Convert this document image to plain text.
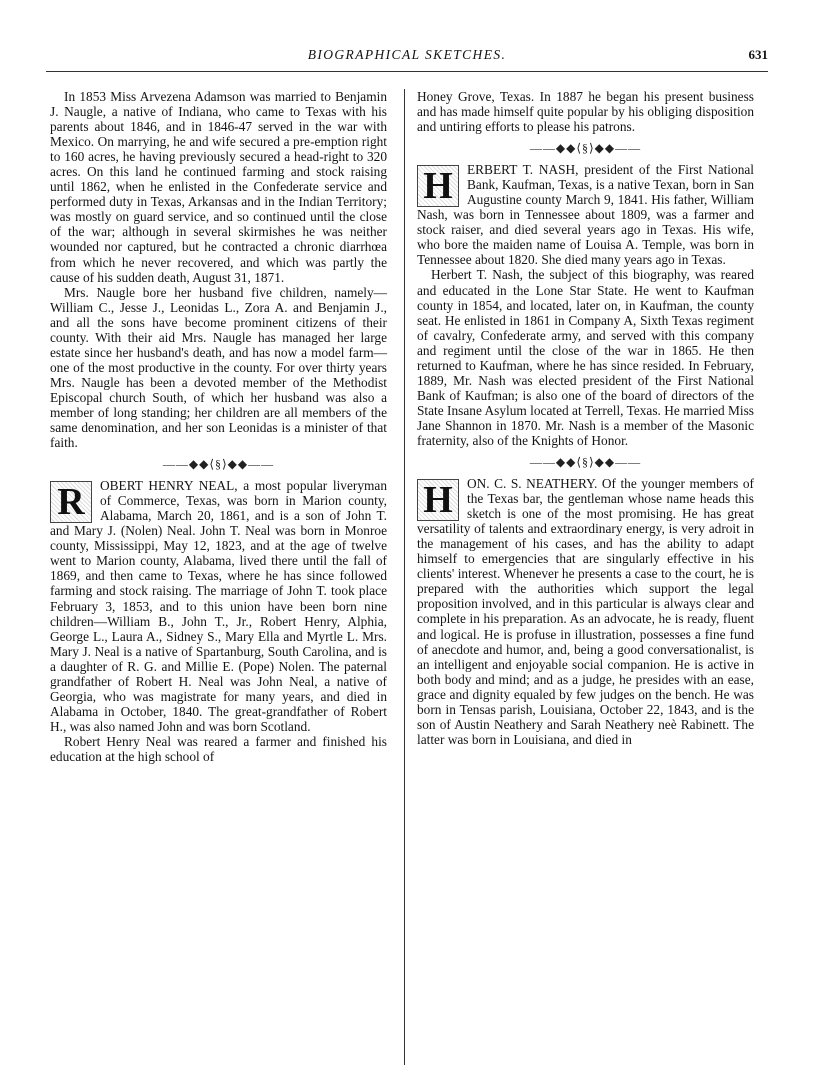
BIOGRAPHICAL SKETCHES.	631

In 1853 Miss Arvezena Adamson was married to Benjamin J. Naugle, a native of Indiana, who came to Texas with his parents about 1846, and in 1846-47 served in the war with Mexico. On marrying, he and wife secured a pre-emption right to 160 acres, he having previously secured a head-right to 320 acres. On this land he continued farming and stock raising until 1862, when he enlisted in the Confederate service and performed duty in Texas, Arkansas and in the Indian Territory; was mostly on guard service, and so continued until the close of the war; although in several skirmishes he was neither wounded nor captured, but he contracted a chronic diarrhœa from which he never recovered, and which was partly the cause of his sudden death, August 31, 1871.

Mrs. Naugle bore her husband five children, namely—William C., Jesse J., Leonidas L., Zora A. and Benjamin J., and all the sons have become prominent citizens of their county. With their aid Mrs. Naugle has managed her large estate since her husband's death, and has now a model farm—one of the most productive in the county. For over thirty years Mrs. Naugle has been a devoted member of the Methodist Episcopal church South, of which her husband was also a member of long standing; her children are all members of the same denomination, and her son Leonidas is a minister of that faith.

——◆◆⟨§⟩◆◆——

R	OBERT HENRY NEAL, a most popular liveryman of Commerce, Texas, was born in Marion county, Alabama, March 20, 1861, and is a son of John T. and Mary J. (Nolen) Neal. John T. Neal was born in Monroe county, Mississippi, May 12, 1823, and at the age of twelve went to Marion county, Alabama, lived there until the fall of 1869, and then came to Texas, where he has since followed farming and stock raising. The marriage of John T. took place February 3, 1853, and to this union have been born nine children—William B., John T., Jr., Robert Henry, Alphia, George L., Laura A., Sidney S., Mary Ella and Myrtle L. Mrs. Mary J. Neal is a native of Spartanburg, South Carolina, and is a daughter of R. G. and Millie E. (Pope) Nolen. The paternal grandfather of Robert H. Neal was John Neal, a native of Georgia, who was magistrate for many years, and died in Alabama in October, 1840. The great-grandfather of Robert H., was also named John and was born Scotland.

Robert Henry Neal was reared a farmer and finished his education at the high school of

Honey Grove, Texas. In 1887 he began his present business and has made himself quite popular by his obliging disposition and untiring efforts to please his patrons.

——◆◆⟨§⟩◆◆——

H	ERBERT T. NASH, president of the First National Bank, Kaufman, Texas, is a native Texan, born in San Augustine county March 9, 1841. His father, William Nash, was born in Tennessee about 1809, was a farmer and stock raiser, and died several years ago in Texas. His wife, who bore the maiden name of Louisa A. Temple, was born in Tennessee about 1820. She died many years ago in Texas.

Herbert T. Nash, the subject of this biography, was reared and educated in the Lone Star State. He went to Kaufman county in 1854, and located, later on, in Kaufman, the county seat. He enlisted in 1861 in Company A, Sixth Texas regiment of cavalry, Confederate army, and served with this company and regiment until the close of the war in 1865. He then returned to Kaufman, where he has since resided. In February, 1889, Mr. Nash was elected president of the First National Bank of Kaufman; is also one of the board of directors of the State Insane Asylum located at Terrell, Texas. He married Miss Jane Shannon in 1870. Mr. Nash is a member of the Masonic fraternity, also of the Knights of Honor.

——◆◆⟨§⟩◆◆——

H	ON. C. S. NEATHERY. Of the younger members of the Texas bar, the gentleman whose name heads this sketch is one of the most promising. He has great versatility of talents and extraordinary energy, is very adroit in the management of his cases, and has the ability to adapt himself to emergencies that are singularly effective in his clients' interest. Whenever he presents a case to the court, he is prepared with the authorities which support the legal proposition involved, and in this particular is always clear and complete in his preparation. As an advocate, he is ready, fluent and logical. He is profuse in illustration, possesses a fine fund of anecdote and humor, and, being a good conversationalist, is an intelligent and enjoyable social companion. He is active in both body and mind; and as a judge, he presides with an ease, grace and dignity equaled by few judges on the bench. He was born in Tensas parish, Louisiana, October 22, 1843, and is the son of Austin Neathery and Sarah Neathery neè Rabinett. The latter was born in Louisiana, and died in
